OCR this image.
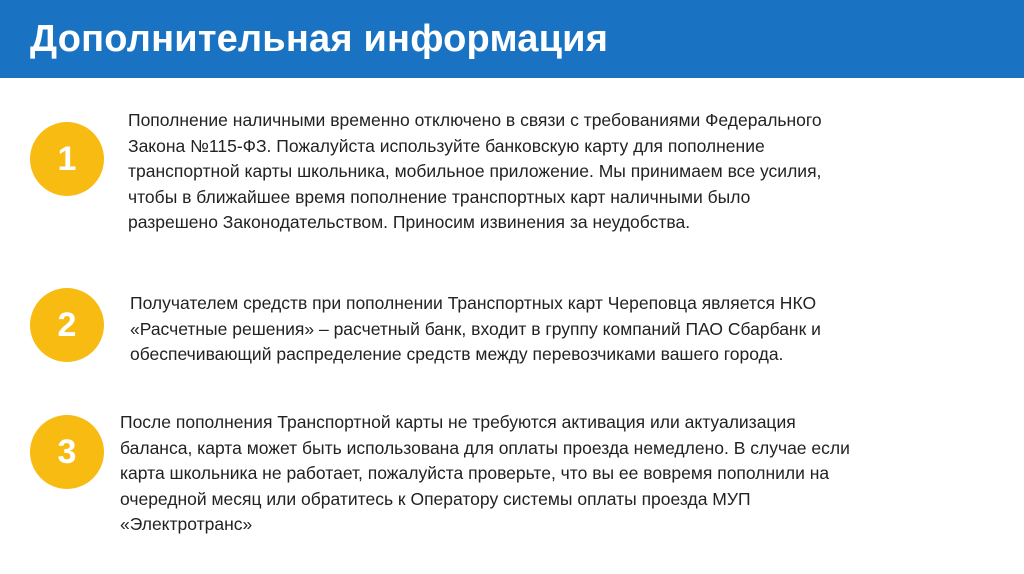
Дополнительная информация
1

Пополнение наличными временно отключено в связи с требованиями Федерального
Закона №115-ФЗ. Пожалуйста используйте банковскую карту для пополнение
транспортной карты школьника, мобильное приложение. Мы принимаем все усилия,
чтобы в ближайшее время пополнение транспортных карт наличными было
разрешено Законодательством. Приносим извинения за неудобства.

2

Получателем средств при пополнении Транспортных карт Череповца является НКО
«Расчетные решения» – расчетный банк, входит в группу компаний ПАО Сбарбанк и
обеспечивающий распределение средств между перевозчиками вашего города.

3

После пополнения Транспортной карты не требуются активация или актуализация
баланса, карта может быть использована для оплаты проезда немедлено. В случае если
карта школьника не работает, пожалуйста проверьте, что вы ее вовремя пополнили на
очередной месяц или обратитесь к Оператору системы оплаты проезда МУП
«Электротранс»
